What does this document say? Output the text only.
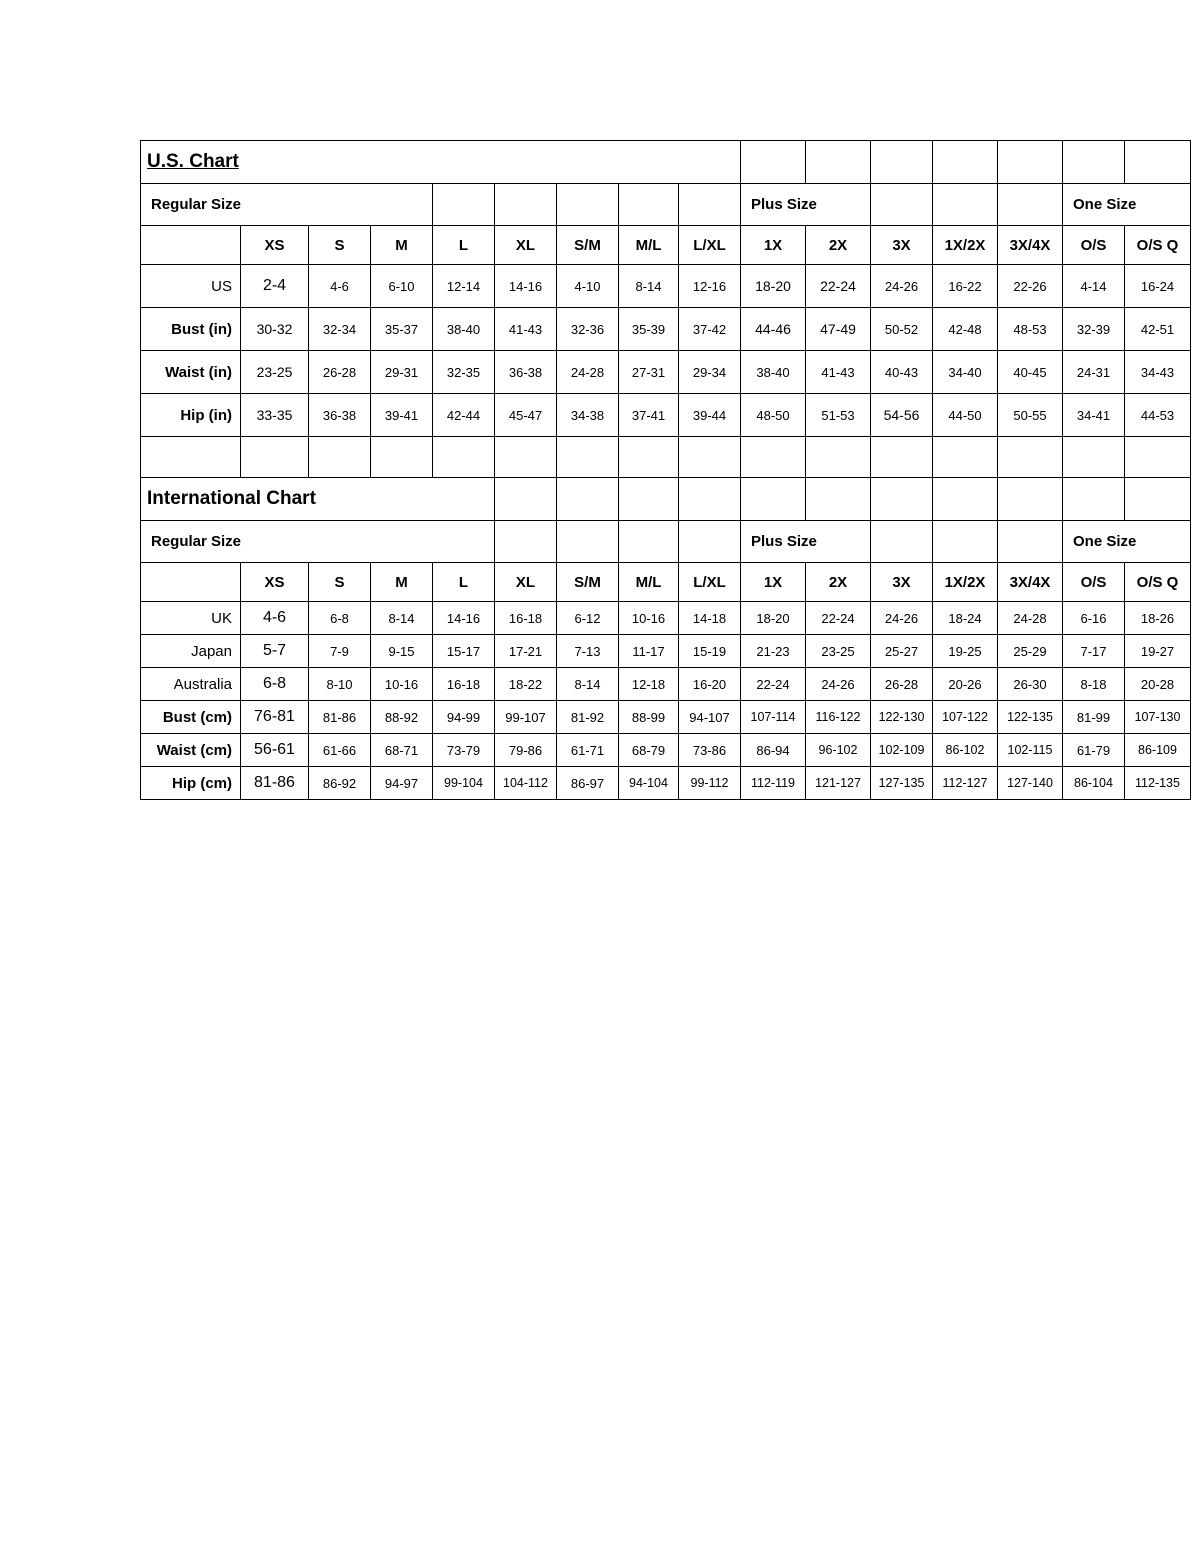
U.S. Chart															
Regular Size									Plus Size					One Size	
	XS	S	M	L	XL	S/M	M/L	L/XL	1X	2X	3X	1X/2X	3X/4X	O/S	O/S Q
US	2-4	4-6	6-10	12-14	14-16	4-10	8-14	12-16	18-20	22-24	24-26	16-22	22-26	4-14	16-24
Bust (in)	30-32	32-34	35-37	38-40	41-43	32-36	35-39	37-42	44-46	47-49	50-52	42-48	48-53	32-39	42-51
Waist (in)	23-25	26-28	29-31	32-35	36-38	24-28	27-31	29-34	38-40	41-43	40-43	34-40	40-45	24-31	34-43
Hip (in)	33-35	36-38	39-41	42-44	45-47	34-38	37-41	39-44	48-50	51-53	54-56	44-50	50-55	34-41	44-53

International Chart															
Regular Size									Plus Size					One Size	
	XS	S	M	L	XL	S/M	M/L	L/XL	1X	2X	3X	1X/2X	3X/4X	O/S	O/S Q
UK	4-6	6-8	8-14	14-16	16-18	6-12	10-16	14-18	18-20	22-24	24-26	18-24	24-28	6-16	18-26
Japan	5-7	7-9	9-15	15-17	17-21	7-13	11-17	15-19	21-23	23-25	25-27	19-25	25-29	7-17	19-27
Australia	6-8	8-10	10-16	16-18	18-22	8-14	12-18	16-20	22-24	24-26	26-28	20-26	26-30	8-18	20-28
Bust (cm)	76-81	81-86	88-92	94-99	99-107	81-92	88-99	94-107	107-114	116-122	122-130	107-122	122-135	81-99	107-130
Waist (cm)	56-61	61-66	68-71	73-79	79-86	61-71	68-79	73-86	86-94	96-102	102-109	86-102	102-115	61-79	86-109
Hip (cm)	81-86	86-92	94-97	99-104	104-112	86-97	94-104	99-112	112-119	121-127	127-135	112-127	127-140	86-104	112-135
